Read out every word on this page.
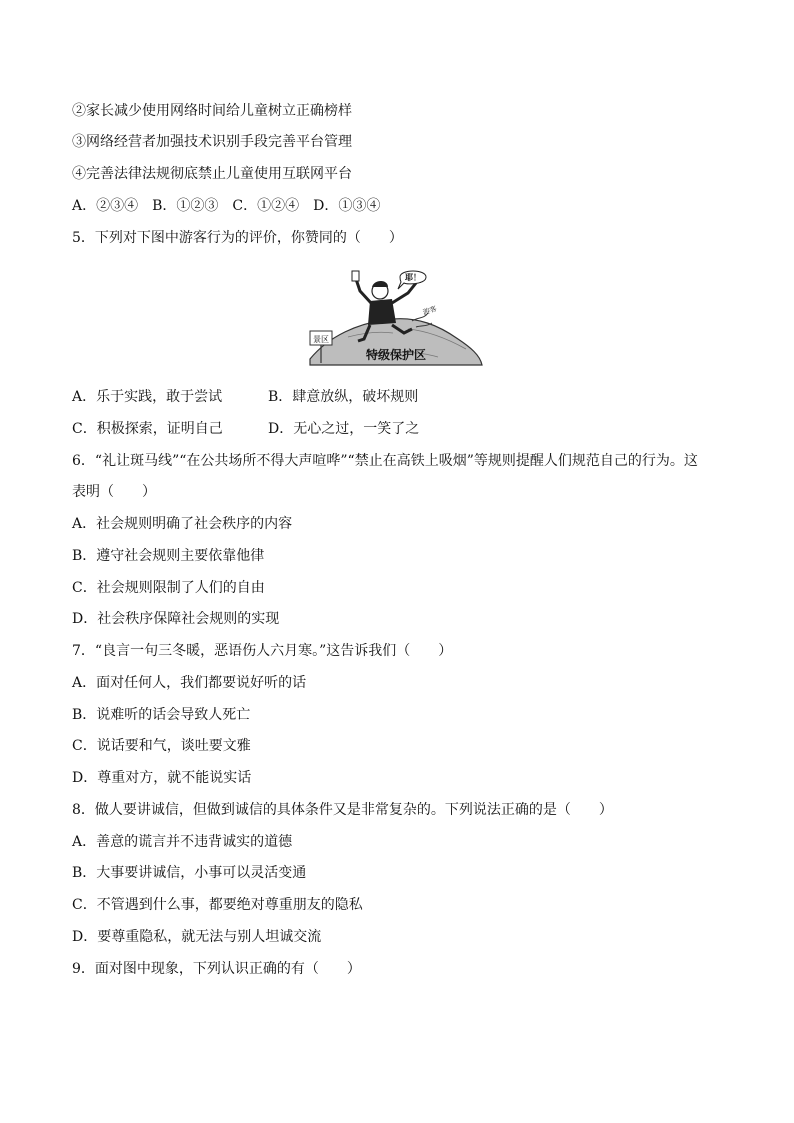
②家长减少使用网络时间给儿童树立正确榜样
③网络经营者加强技术识别手段完善平台管理
④完善法律法规彻底禁止儿童使用互联网平台
A．②③④ B．①②③ C．①②④ D．①③④
5．下列对下图中游客行为的评价，你赞同的（　　）
特级保护区
景区
游客
耶！
A．乐于实践，敢于尝试	B．肆意放纵，破坏规则
C．积极探索，证明自己	D．无心之过，一笑了之
6．“礼让斑马线”“在公共场所不得大声喧哗”“禁止在高铁上吸烟”等规则提醒人们规范自己的行为。这
表明（　　）
A．社会规则明确了社会秩序的内容
B．遵守社会规则主要依靠他律
C．社会规则限制了人们的自由
D．社会秩序保障社会规则的实现
7．“良言一句三冬暖，恶语伤人六月寒。”这告诉我们（　　）
A．面对任何人，我们都要说好听的话
B．说难听的话会导致人死亡
C．说话要和气，谈吐要文雅
D．尊重对方，就不能说实话
8．做人要讲诚信，但做到诚信的具体条件又是非常复杂的。下列说法正确的是（　　）
A．善意的谎言并不违背诚实的道德
B．大事要讲诚信，小事可以灵活变通
C．不管遇到什么事，都要绝对尊重朋友的隐私
D．要尊重隐私，就无法与别人坦诚交流
9．面对图中现象，下列认识正确的有（　　）
